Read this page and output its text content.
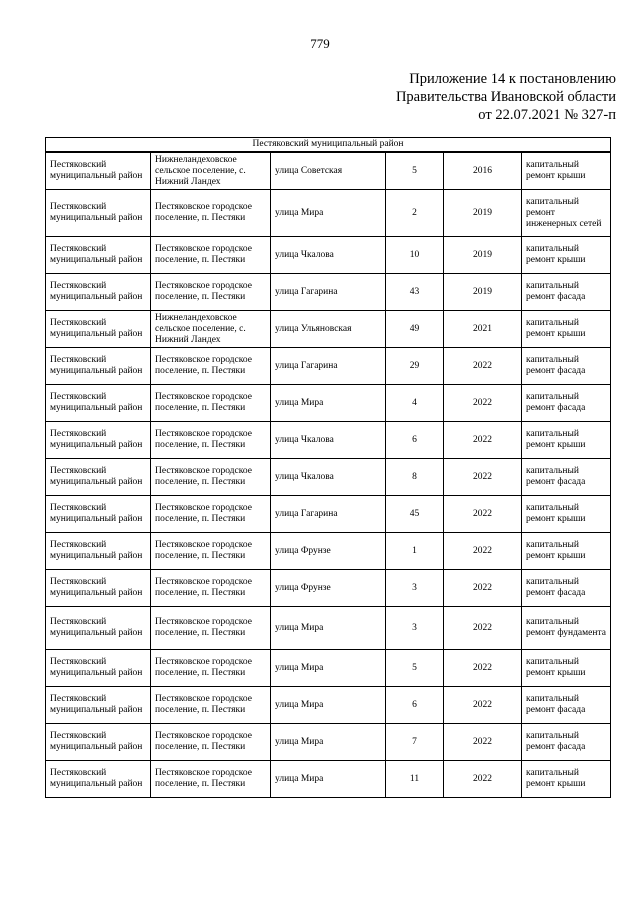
779
Приложение 14 к постановлению
Правительства Ивановской области
от 22.07.2021 № 327-п
Пестяковский муниципальный район					
Пестяковский муниципальный район	Нижнеландеховское сельское поселение, с. Нижний Ландех	улица Советская	5	2016	капитальный ремонт крыши
Пестяковский муниципальный район	Пестяковское городское поселение, п. Пестяки	улица Мира	2	2019	капитальный ремонт инженерных сетей
Пестяковский муниципальный район	Пестяковское городское поселение, п. Пестяки	улица Чкалова	10	2019	капитальный ремонт крыши
Пестяковский муниципальный район	Пестяковское городское поселение, п. Пестяки	улица Гагарина	43	2019	капитальный ремонт фасада
Пестяковский муниципальный район	Нижнеландеховское сельское поселение, с. Нижний Ландех	улица Ульяновская	49	2021	капитальный ремонт крыши
Пестяковский муниципальный район	Пестяковское городское поселение, п. Пестяки	улица Гагарина	29	2022	капитальный ремонт фасада
Пестяковский муниципальный район	Пестяковское городское поселение, п. Пестяки	улица Мира	4	2022	капитальный ремонт фасада
Пестяковский муниципальный район	Пестяковское городское поселение, п. Пестяки	улица Чкалова	6	2022	капитальный ремонт крыши
Пестяковский муниципальный район	Пестяковское городское поселение, п. Пестяки	улица Чкалова	8	2022	капитальный ремонт фасада
Пестяковский муниципальный район	Пестяковское городское поселение, п. Пестяки	улица Гагарина	45	2022	капитальный ремонт крыши
Пестяковский муниципальный район	Пестяковское городское поселение, п. Пестяки	улица Фрунзе	1	2022	капитальный ремонт крыши
Пестяковский муниципальный район	Пестяковское городское поселение, п. Пестяки	улица Фрунзе	3	2022	капитальный ремонт фасада
Пестяковский муниципальный район	Пестяковское городское поселение, п. Пестяки	улица Мира	3	2022	капитальный ремонт фундамента
Пестяковский муниципальный район	Пестяковское городское поселение, п. Пестяки	улица Мира	5	2022	капитальный ремонт крыши
Пестяковский муниципальный район	Пестяковское городское поселение, п. Пестяки	улица Мира	6	2022	капитальный ремонт фасада
Пестяковский муниципальный район	Пестяковское городское поселение, п. Пестяки	улица Мира	7	2022	капитальный ремонт фасада
Пестяковский муниципальный район	Пестяковское городское поселение, п. Пестяки	улица Мира	11	2022	капитальный ремонт крыши
